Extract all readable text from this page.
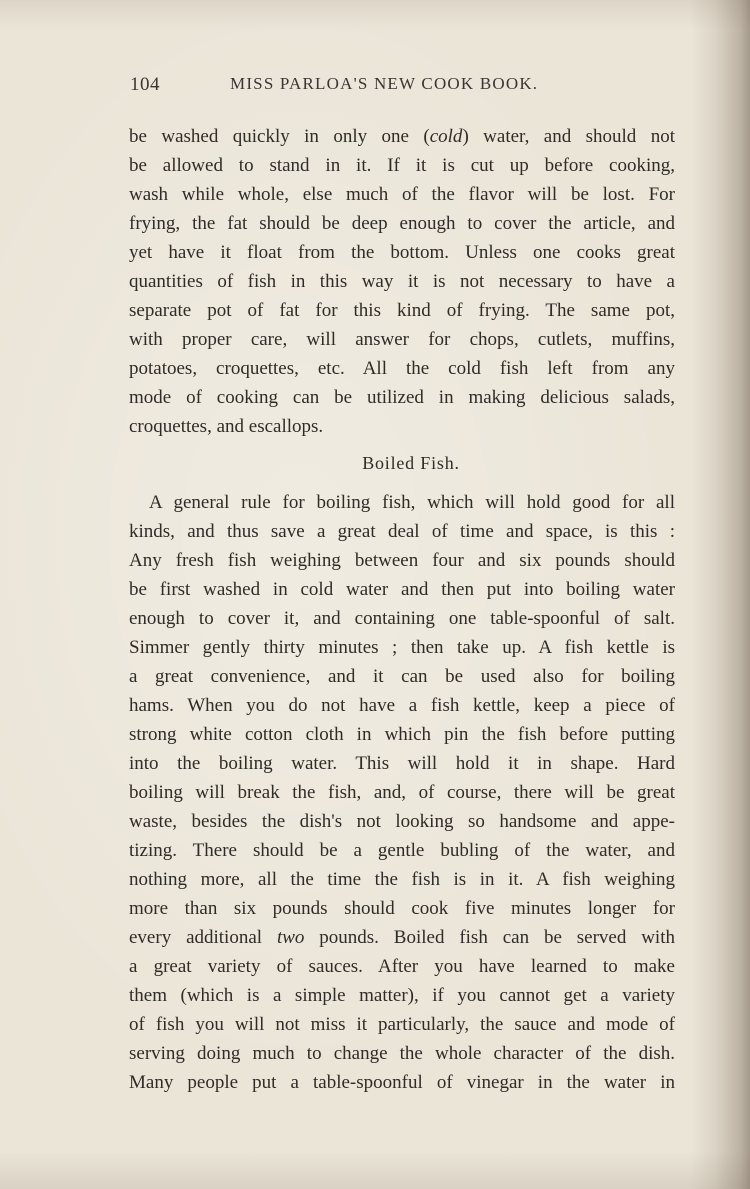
104	MISS PARLOA'S NEW COOK BOOK.
be washed quickly in only one (cold) water, and should not
be allowed to stand in it. If it is cut up before cooking,
wash while whole, else much of the flavor will be lost. For
frying, the fat should be deep enough to cover the article, and
yet have it float from the bottom. Unless one cooks great
quantities of fish in this way it is not necessary to have a
separate pot of fat for this kind of frying. The same pot,
with proper care, will answer for chops, cutlets, muffins,
potatoes, croquettes, etc. All the cold fish left from any
mode of cooking can be utilized in making delicious salads,
croquettes, and escallops.
Boiled Fish.
A general rule for boiling fish, which will hold good for all
kinds, and thus save a great deal of time and space, is this :
Any fresh fish weighing between four and six pounds should
be first washed in cold water and then put into boiling water
enough to cover it, and containing one table-spoonful of salt.
Simmer gently thirty minutes ; then take up. A fish kettle is
a great convenience, and it can be used also for boiling
hams. When you do not have a fish kettle, keep a piece of
strong white cotton cloth in which pin the fish before putting
into the boiling water. This will hold it in shape. Hard
boiling will break the fish, and, of course, there will be great
waste, besides the dish's not looking so handsome and appe-
tizing. There should be a gentle bubling of the water, and
nothing more, all the time the fish is in it. A fish weighing
more than six pounds should cook five minutes longer for
every additional two pounds. Boiled fish can be served with
a great variety of sauces. After you have learned to make
them (which is a simple matter), if you cannot get a variety
of fish you will not miss it particularly, the sauce and mode of
serving doing much to change the whole character of the dish.
Many people put a table-spoonful of vinegar in the water in
